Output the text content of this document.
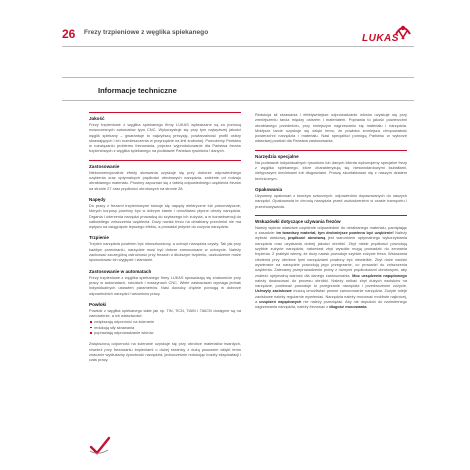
26 Frezy trzpieniowe z węglika spiekanego
LUKAS
Informacje techniczne
Jakość
Frezy trzpieniowe z węglika spiekanego firmy LUKAS wytwarzane są za pomocą nowoczesnych automatów typu CNC. Wykorzystuje się przy tym najwyższej jakości węglik spiekany – gwarantuje to najwyższą precyzję, powtarzalność profili ostrzy skrawających i ich rozmieszczenia w przyrządzie na linii śrubowej. Pomożemy Państwu w rozwiązaniu problemu frezowania, poprzez wyprodukowanie dla Państwa frezów trzpieniowych z węglika spiekanego na podstawie Państwa rysunków i danych.
Zastosowanie
Niekonwencjonalnie efekty skrawania uzyskuje się przy doborze odpowiedniego uzębienia oraz optymalnych prędkości obrotowych narzędzia, zależnie od rodzaju obrabianego materiału. Prosimy zapoznać się z tabelą odpowiedniego uzębienia frezów na stronie 27 oraz prędkości obrotowych na stronie 28.
Napędy
Do pracy z frezami trzpieniowymi stosuje się napędy elektryczne lub pneumatyczne, których korpusy powinny być w dobrym stanie i umożliwiać płynne obroty narzędzia. Drgania i uderzenia narzędzi prowadzą do szybszego ich zużycia, a w konsekwencji do całkowitego zniszczenia uzębienia. Duży nacisk frezu na obrabiany przedmiot nie ma wpływu na osiągnięcie lepszego efektu, a prowadzi jedynie do zużycia narzędzia.
Trzpienie
Trzpień narzędzia powinien być nieuszkodzony, a uchwyt narzędzia czysty. Tak jak przy każdym przecinaniu, narzędzie musi być dobrze zamocowane w uchwycie. Należy zachować szczególną ostrożność przy frezach o dłuższym trzpieniu, uszkodzenie może spowodować ich wygięcie i złamanie.
Zastosowanie w automatach
Frezy trzpieniowe z węglika spiekanego firmy LUKAS sprawdzają się znakomicie przy pracy w automatach, robotach i maszynach CNC. Wiele zastosowań wymaga jednak indywidualnych ustawień parametrów. Nasi doradcy chętnie pomogą w doborze odpowiednich narzędzi i warunków pracy.
Powłoki
Powłoki z węglika spiekanego takie jak np. TiN, TiCN, TiAlN i TiAlCN dostępne są na zamówienie, a ich właściwości:
zwiększają odporność na ścieranie
redukują siły skrawania
poprawiają odprowadzanie wiórów
Zwiększoną odporność na ścieranie uzyskuje się przy obróbce materiałów twardych, również przy frezowaniu trzpieniami o dużej średnicy z dużą posuwem dzięki temu znacznie wydłużamy żywotność narzędzia, jednocześnie redukując koszty eksploatacji i czas pracy.
Redukcja sił skrawania i efektywniejsze odprowadzanie wiórów uzyskuje się przy zmniejszeniu tarcia między ostrzem i materiałem. Poprawia to jakość powierzchni obrabianego przedmiotu, przy mniejszym nagrzewaniu się materiału i narzędzia. Mniejsze tarcie uzyskuje się dzięki temu, że powłoka zmniejsza chropowatość powierzchni narzędzia i materiału. Nasi specjaliści pomogą Państwu w wyborze właściwej powłoki dla Państwa zastosowania.
Narzędzia specjalne
Na podstawie indywidualnych rysunków lub danych klienta wykonujemy specjalne frezy z węglika spiekanego, które charakteryzują się niestandardowymi kształtami, nietypowymi średnicami lub długościami. Proszę skontaktować się z naszym działem technicznym.
Opakowania
Używamy opakowań z tworzyw sztucznych, odpowiednio dopasowanych do naszych narzędzi. Opakowania te chronią narzędzia przed uszkodzeniem w czasie transportu i przechowywania.
Wskazówki dotyczące używania frezów
Należy wybrać właściwe uzębienie odpowiednie do obrabianego materiału, pamiętając o zasadzie: im twardszy materiał, tym drobniejsze powinno być uzębienie! Należy wybrać właściwą prędkość obrotową jest warunkiem optymalnego wykorzystania narzędzia oraz uzyskania dobrej jakości obróbki. Zbyt niskie prędkości powodują szybkie zużycie narzędzia, natomiast zbyt wysokie mogą prowadzić do zerwania trzpienia. Z praktyki wiemy, że duży nacisk powoduje szybkie zużycie freza. Wskazania ciśnienia przy obróbce tymi narzędziami powinny być niewielkie. Zbyt duże naciski wywierane na narzędzie powodują jego przegrzanie, co prowadzi do zniszczenia uzębienia. Zalecamy przeprowadzenie próby z różnymi prędkościami obrotowymi, aby znaleźć optymalną wartość dla danego zastosowania. Moc urządzenia napędowego należy dostosować do procesu obróbki. Należy unikać zbyt dużych nacisków na narzędzie, ponieważ powoduje to przegrzanie narzędzia i przedwczesne zużycie. Uchwyty zaciskowe muszą umożliwiać pewne zamocowanie narzędzia. Zużyte tuleje zaciskowe należy regularnie wymieniać. Narzędzia należy mocować możliwie najkrócej, a urządzeń napędowych nie należy przeciążać. Aby nie dopuścić do nadmiernego nagrzewania narzędzia, należy frezować z długość mocowania.
